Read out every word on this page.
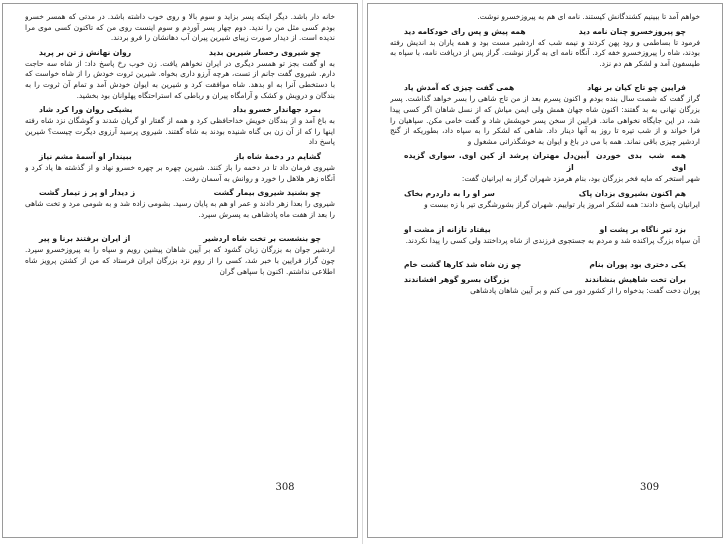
خانه دار باشد. دیگر اینکه پسر بزاید و سوم بالا و روی خوب داشته باشد. در مدتی که همسر خسرو بودم کسی مثل من را ندید. دوم چهار پسر آوردم و سوم اینست روی من که تاکنون کسی موی مرا ندیده است. از دیدار صورت زیبای شیرین پیران آب دهانشان را فرو بردند.

چو شیروی رخسار شیرین بدید
روان نهانش ز تن بر پرید

به او گفت بجز تو همسر دیگری در ایران نخواهم یافت. زن خوب رخ پاسخ داد: از شاه سه حاجت دارم. شیروی گفت جانم از تست، هرچه آرزو داری بخواه. شیرین ثروت خودش را از شاه خواست که با دستخطی آنرا به او بدهد. شاه موافقت کرد و شیرین به ایوان خودش آمد و تمام آن ثروت را به بندگان و درویش و کشک و آرامگاه پیران و رباطی که استراحتگاه پهلوانان بود بخشید.

بمرد جهاندار خسرو بداد
بشیکی روان ورا کرد شاد

به باغ آمد و از بندگان خویش خداحافظی کرد و همه از گفتار او گریان شدند و گوشگان نزد شاه رفته اینها را که از آن زن بی گناه شنیده بودند به شاه گفتند. شیروی پرسید آرزوی دیگرت چیست؟ شیرین پاسخ داد

گشایم در دخمهٔ شاه باز
ببیندار او آسمهٔ مشم نیاز

شیروی فرمان داد تا در دخمه را باز کنند. شیرین چهره بر چهره خسرو نهاد و از گذشته ها یاد کرد و آنگاه زهر هلاهل را خورد و روانش به آسمان رفت.

چو بشنید شیروی بیمار گشت
ز دیدار او پر ز تیمار گشت

شیروی را بعدا زهر دادند و عمر او هم به پایان رسید. بشومی زاده شد و به شومی مرد و تخت شاهی را بعد از هفت ماه پادشاهی به پسرش سپرد.

چو بنشست بر تخت شاه اردشیر
از ایران برفتند برنا و پیر

اردشیر جوان به بزرگان زبان گشود که بر آیین شاهان پیشین رویم و سپاه را به پیروزخسرو سپرد. چون گراز فرایین با خبر شد، کسی را از روم نزد بزرگان ایران فرستاد که من از کشتن پرویز شاه اطلاعی نداشتم. اکنون با سپاهی گران

308

خواهم آمد تا ببینیم کشندگانش کیستند. نامه ای هم به پیروزخسرو نوشت.

چو پیروزخسرو چنان نامه دید
همه پیش و پس رای خودکامه دید

فرمود تا بساطمی و رود پهن کردند و نیمه شب که اردشیر مست بود و همه یاران بد اندیش رفته بودند، شاه را پیروزخسرو خفه کرد. آنگاه نامه ای به گراز نوشت. گراز پس از دریافت نامه، با سپاه به طیسفون آمد و لشکر هم دم نزد.

فرایین چو تاج کیان بر نهاد
همی گفت چیزی که آمدش یاد

گراز گفت که شصت سال بنده بودم و اکنون پسرم بعد از من تاج شاهی را بسر خواهد گذاشت. پسر بزرگان نهانی به بد گفتند: اکنون شاه جهان همش ولی ایمن میاش که از نسل شاهان اگر کسی پیدا شد، در این جایگاه نخواهی ماند. فرایین از سخن پسر خویشش شاد و گفت خامی مکن. سپاهیان را فرا خواند و از شب تیره تا روز به آنها دینار داد. شاهی که لشکر را به سپاه داد، بطوریکه از گنج اردشیر چیزی باقی نماند. همه با می در باغ و ایوان به خوشگذرانی مشغول و

همه شب بدی خوردن آیین اوی
دل مهتران پرشد از کین اوی. سواری گزیده از

شهر استخر که مایه فخر بزرگان بود، بنام هرمزد شهران گراز به ایرانیان گفت:

هم اکنون بشیروی بزدان پاک
سر او را به داردرم بخاک

ایرانیان پاسخ دادند: همه لشکر امروز یار تواییم. شهران گراز بشورشگری تیر با زه ببست و

بزد تیر ناگاه بر پشت او
بیفتاد تازانه از مشت او

آن سپاه بزرگ پراکنده شد و مردم به جستجوی فرزندی از شاه پرداختند ولی کسی را پیدا نکردند.

یکی دختری بود پوران بنام
چو زن شاه شد کارها گشت خام
بران تخت شاهیش بنشاندند
بزرگان بسرو گوهر افشاندند

پوران دخت گفت: بدخواه را از کشور دور می کنم و بر آیین شاهان پادشاهی

309
